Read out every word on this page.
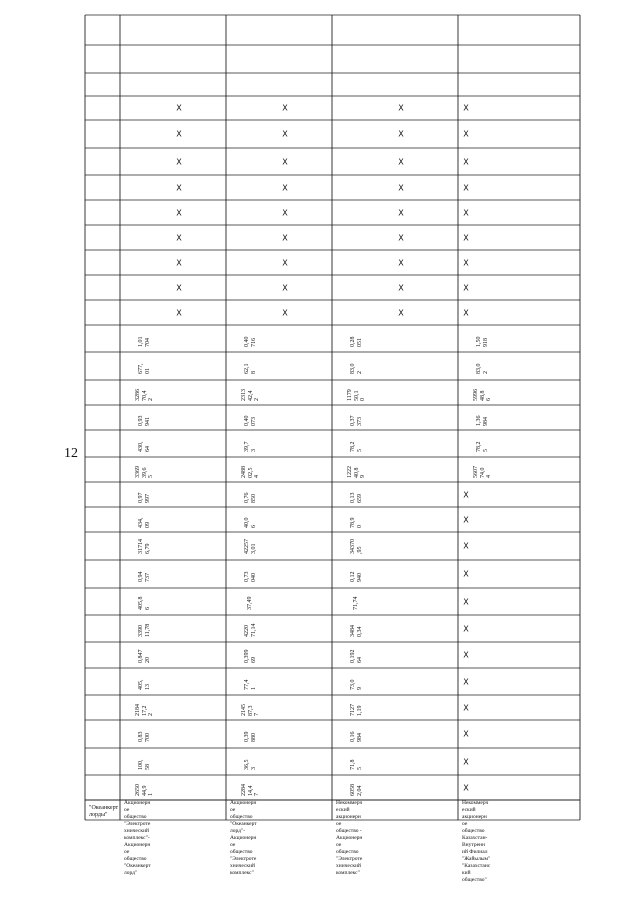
12
"Океанкерт лорды"
Акционерн ое общество "Электроте хнический комплекс"- Акционерн ое общество "Океанкерт лорд"
Акционерн ое общество "Океанкерт лорд"- Акционерн ое общество "Электроте хнический комплекс"
Некоммерч еский акционерн ое общество - Акционерн ое общество "Электроте хнический комплекс"
Некоммерч еский акционерн ое общество Казахстан-Внутренн ий Филиал "Жайылым" "Казахстанс кий общество"
2650
44,9
1
100,
58
0,83
700
2184
17,2
2
405,
13
0,847
20
3390
11,78
405,8
6
0,94
737
31714
6,79
434,
09
0,97
997
3369
39,6
5
430,
64
0,93
941
3286
70,4
2
677,
01
1,01
704
X
X
X
X
X
X
X
X
X
2284
14,4
7
36,5
3
0,39
880
2145
87,3
7
77,4
1
0,399
69
4220
71,14
37,49
0,73
040
42257
3,01
40,0
6
0,76
850
2488
02,5
4
39,7
3
0,40
073
2313
42,4
2
62,1
8
0,40
716
X
X
X
X
X
X
X
X
X
6058
2,04
71,8
5
0,16
984
7127
1,19
73,0
9
0,192
64
3484
0,34
71,74
0,12
940
34370
,95
78,9
0
0,13
659
1222
40,8
9
78,2
5
0,37
373
1179
50,1
0
83,0
2
0,28
051
X
X
X
X
X
X
X
X
X
X
X
X
X
X
X
X
X
X
X
X
X
5607
74,0
4
78,2
5
1,36
984
5996
48,8
6
83,0
2
1,50
918
X
X
X
X
X
X
X
X
X
